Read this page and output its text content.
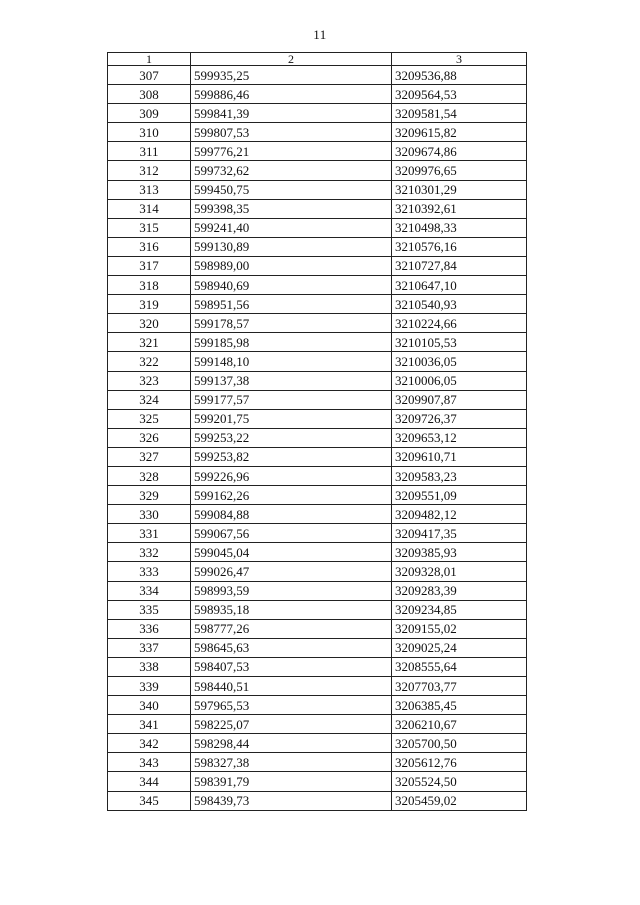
11
1	2	3
307	599935,25	3209536,88
308	599886,46	3209564,53
309	599841,39	3209581,54
310	599807,53	3209615,82
311	599776,21	3209674,86
312	599732,62	3209976,65
313	599450,75	3210301,29
314	599398,35	3210392,61
315	599241,40	3210498,33
316	599130,89	3210576,16
317	598989,00	3210727,84
318	598940,69	3210647,10
319	598951,56	3210540,93
320	599178,57	3210224,66
321	599185,98	3210105,53
322	599148,10	3210036,05
323	599137,38	3210006,05
324	599177,57	3209907,87
325	599201,75	3209726,37
326	599253,22	3209653,12
327	599253,82	3209610,71
328	599226,96	3209583,23
329	599162,26	3209551,09
330	599084,88	3209482,12
331	599067,56	3209417,35
332	599045,04	3209385,93
333	599026,47	3209328,01
334	598993,59	3209283,39
335	598935,18	3209234,85
336	598777,26	3209155,02
337	598645,63	3209025,24
338	598407,53	3208555,64
339	598440,51	3207703,77
340	597965,53	3206385,45
341	598225,07	3206210,67
342	598298,44	3205700,50
343	598327,38	3205612,76
344	598391,79	3205524,50
345	598439,73	3205459,02
